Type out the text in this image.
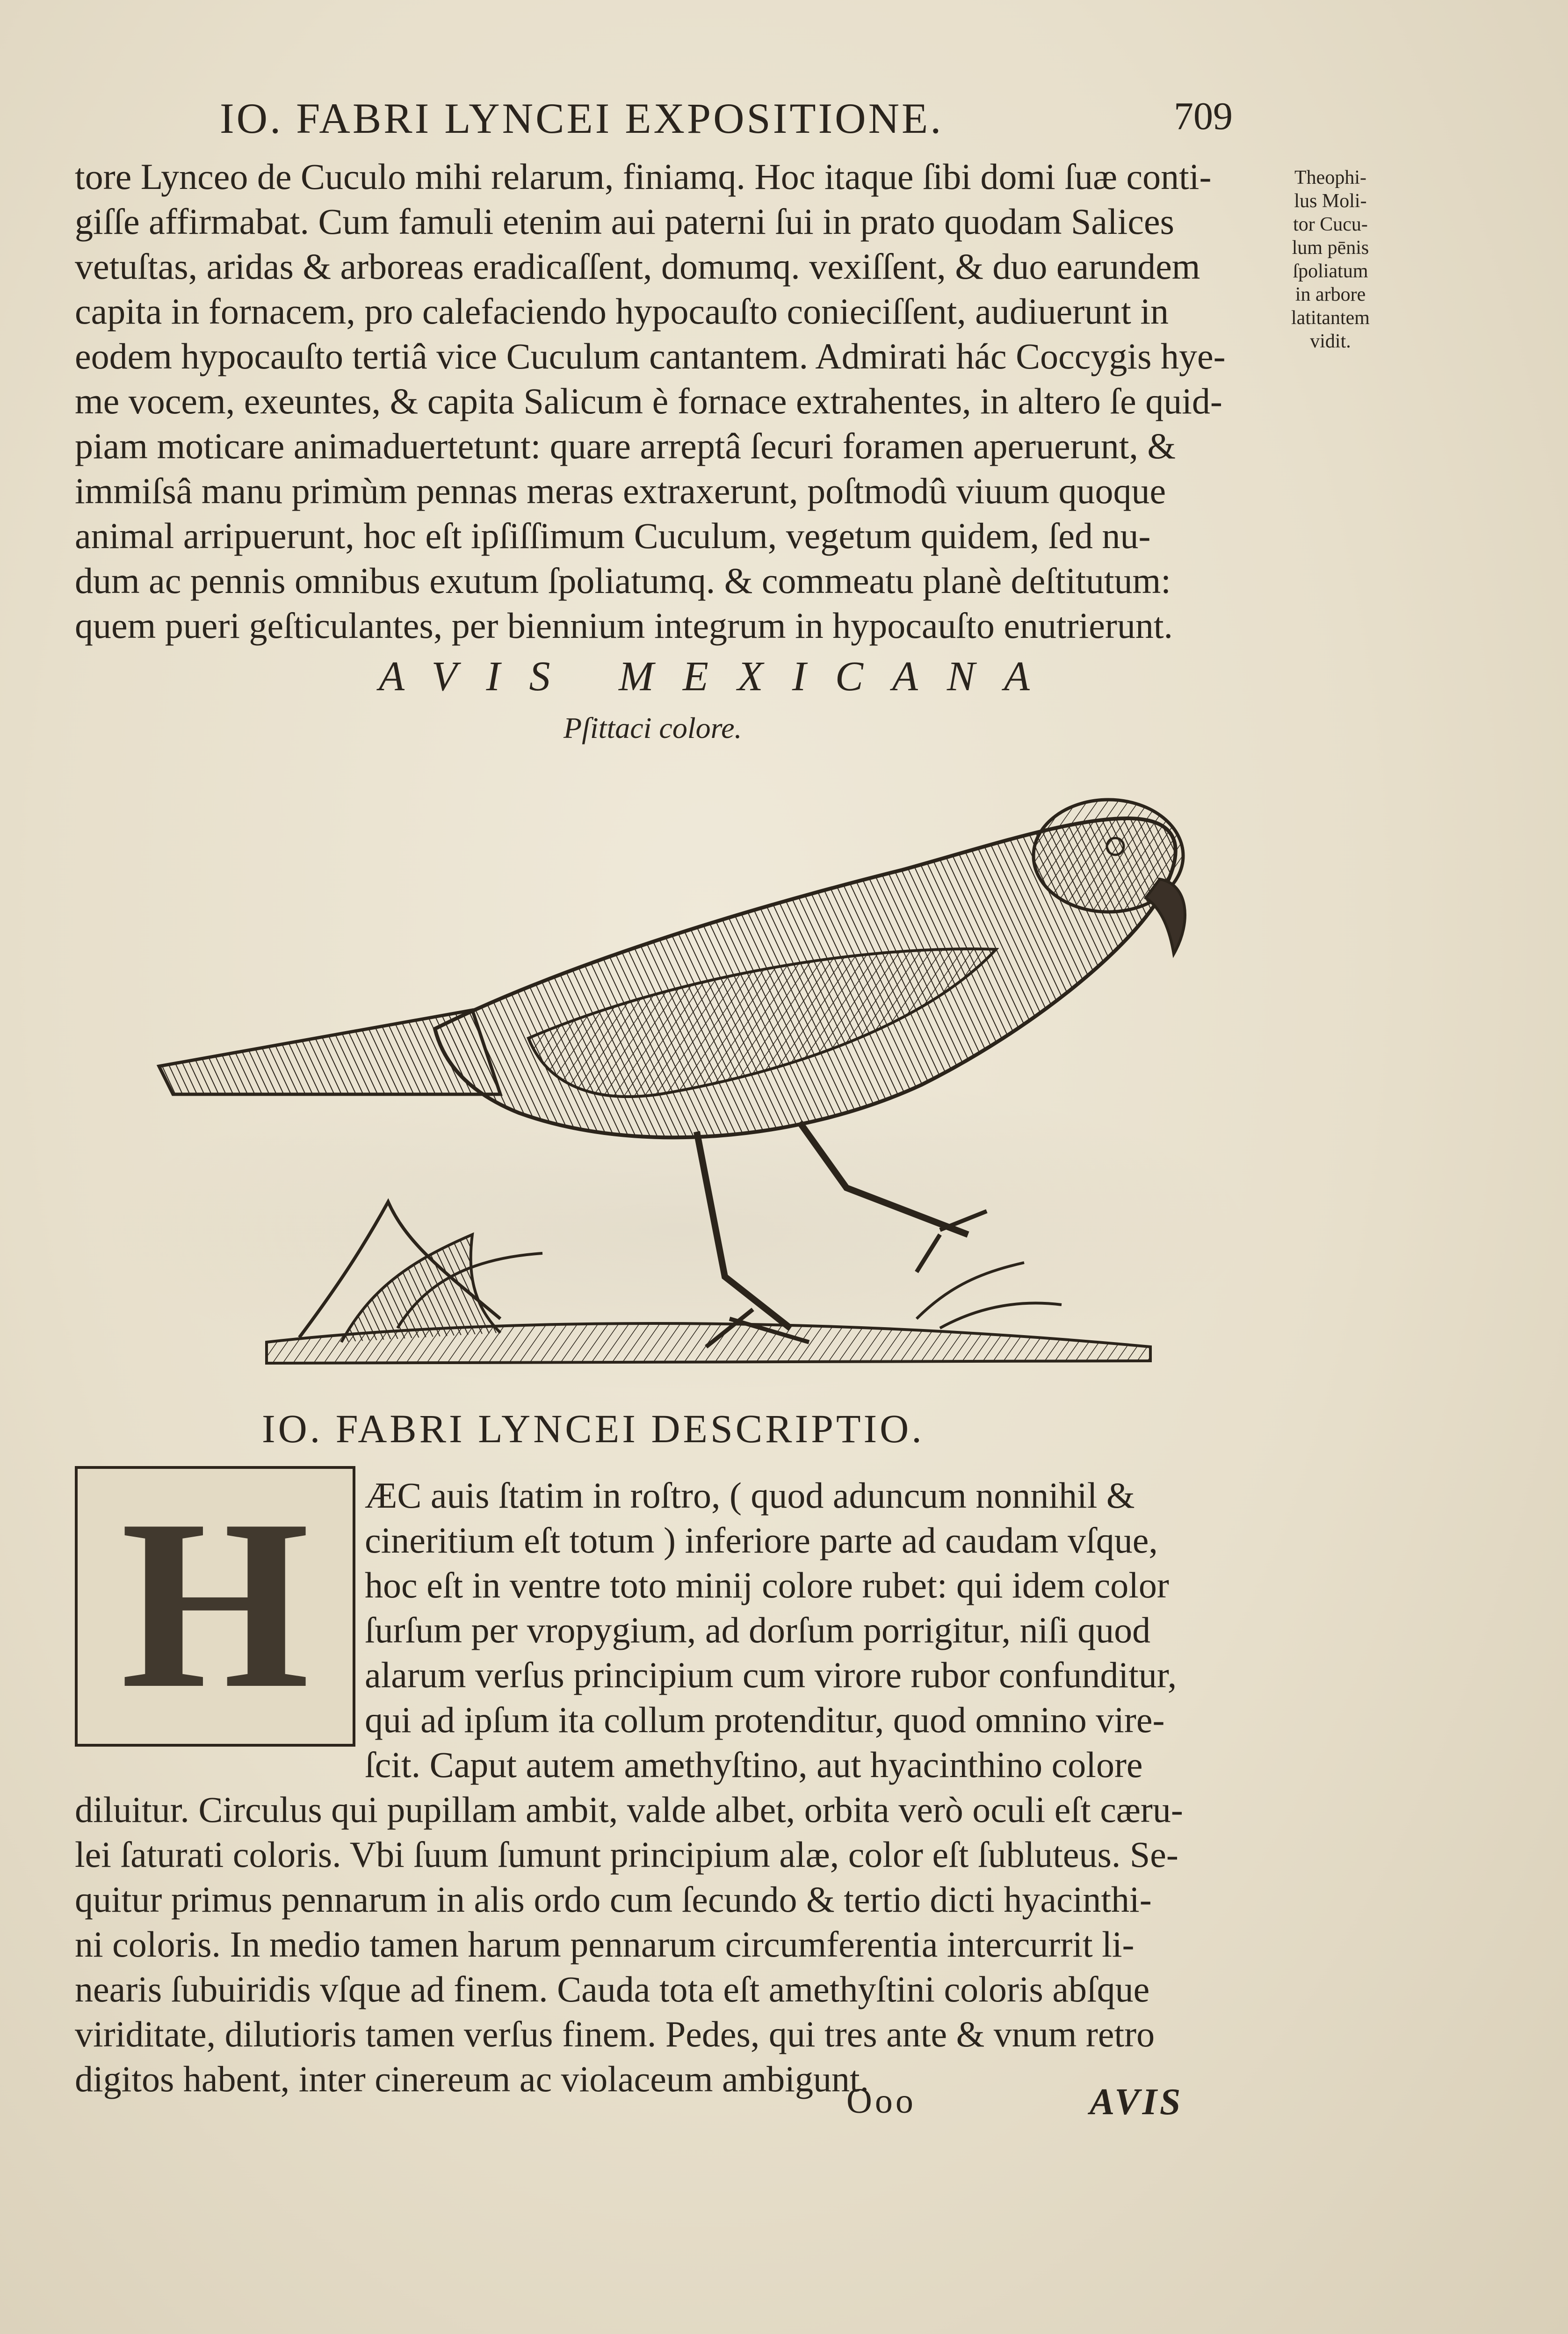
IO. FABRI LYNCEI EXPOSITIONE.	709
tore Lynceo de Cuculo mihi relarum, finiamq. Hoc itaque ſibi domi ſuæ conti-
giſſe affirmabat. Cum famuli etenim aui paterni ſui in prato quodam Salices
vetuſtas, aridas & arboreas eradicaſſent, domumq. vexiſſent, & duo earundem
capita in fornacem, pro calefaciendo hypocauſto conieciſſent, audiuerunt in
eodem hypocauſto tertiâ vice Cuculum cantantem. Admirati hác Coccygis hye-
me vocem, exeuntes, & capita Salicum è fornace extrahentes, in altero ſe quid-
piam moticare animaduertetunt: quare arreptâ ſecuri foramen aperuerunt, &
immiſsâ manu primùm pennas meras extraxerunt, poſtmodû viuum quoque
animal arripuerunt, hoc eſt ipſiſſimum Cuculum, vegetum quidem, ſed nu-
dum ac pennis omnibus exutum ſpoliatumq. & commeatu planè deſtitutum:
quem pueri geſticulantes, per biennium integrum in hypocauſto enutrierunt.
Theophi-
lus Moli-
tor Cucu-
lum pēnis
ſpoliatum
in arbore
latitantem
vidit.
AVIS MEXICANA
Pſittaci colore.
IO. FABRI LYNCEI DESCRIPTIO.
H	ÆC auis ſtatim in roſtro, ( quod aduncum nonnihil &
cineritium eſt totum ) inferiore parte ad caudam vſque,
hoc eſt in ventre toto minij colore rubet: qui idem color
ſurſum per vropygium, ad dorſum porrigitur, niſi quod
alarum verſus principium cum virore rubor confunditur,
qui ad ipſum ita collum protenditur, quod omnino vire-
ſcit. Caput autem amethyſtino, aut hyacinthino colore
diluitur. Circulus qui pupillam ambit, valde albet, orbita verò oculi eſt cæru-
lei ſaturati coloris. Vbi ſuum ſumunt principium alæ, color eſt ſubluteus. Se-
quitur primus pennarum in alis ordo cum ſecundo & tertio dicti hyacinthi-
ni coloris. In medio tamen harum pennarum circumferentia intercurrit li-
nearis ſubuiridis vſque ad finem. Cauda tota eſt amethyſtini coloris abſque
viriditate, dilutioris tamen verſus finem. Pedes, qui tres ante & vnum retro
digitos habent, inter cinereum ac violaceum ambigunt.
Ooo	AVIS
